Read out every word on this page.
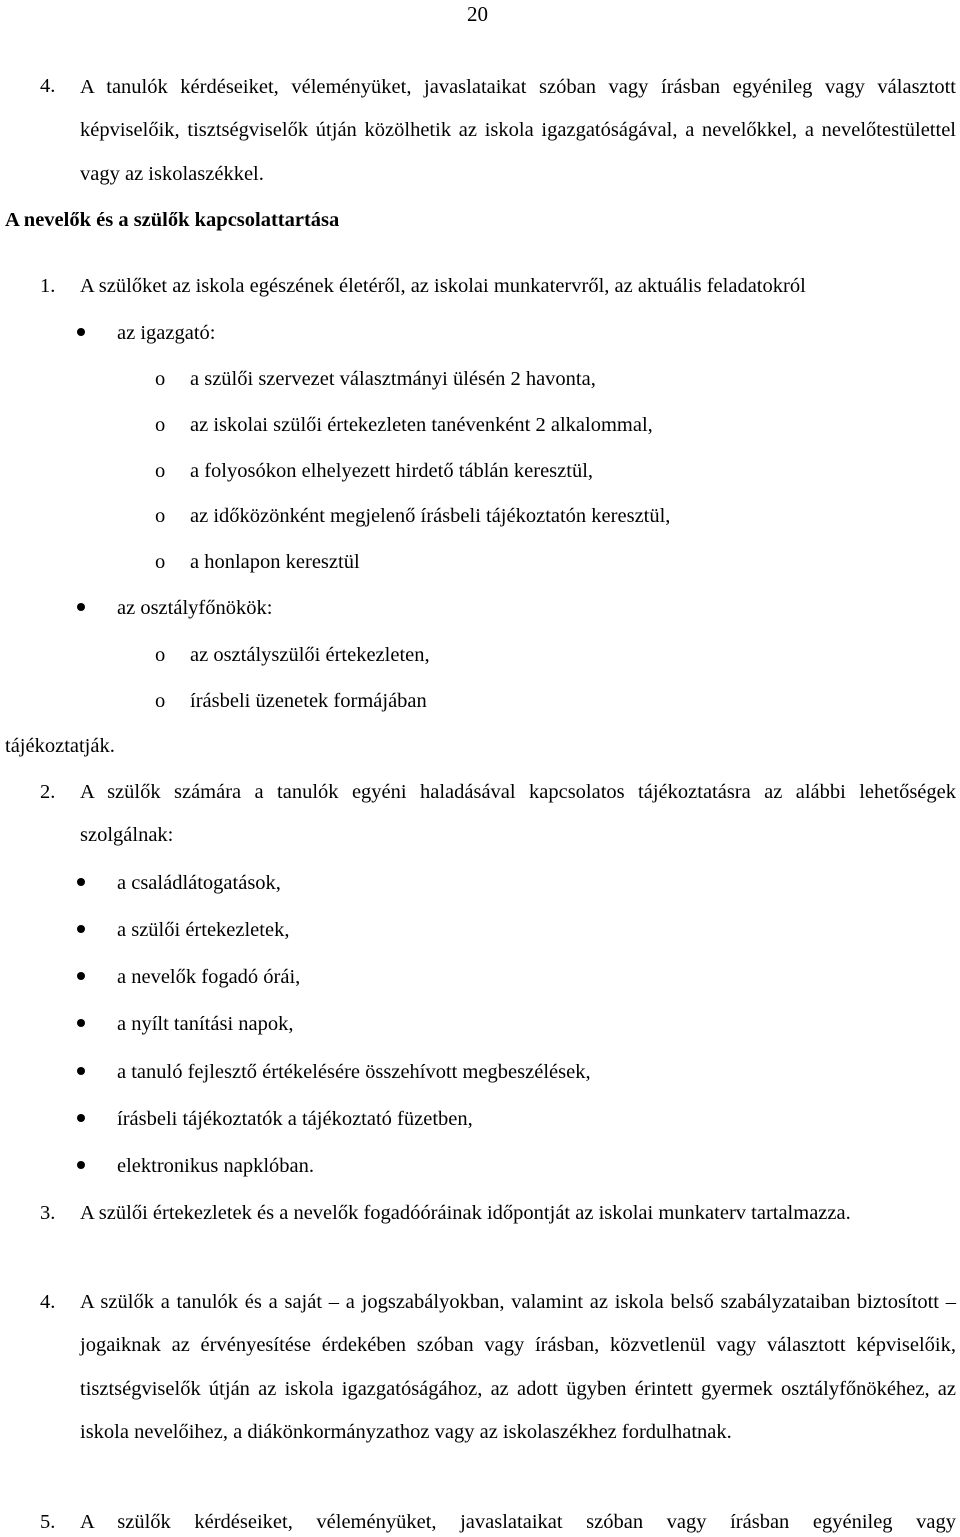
20
4. A tanulók kérdéseiket, véleményüket, javaslataikat szóban vagy írásban egyénileg vagy választott képviselőik, tisztségviselők útján közölhetik az iskola igazgatóságával, a nevelőkkel, a nevelőtestülettel vagy az iskolaszékkel.
A nevelők és a szülők kapcsolattartása
1. A szülőket az iskola egészének életéről, az iskolai munkatervről, az aktuális feladatokról
az igazgató:
o a szülői szervezet választmányi ülésén 2 havonta,
o az iskolai szülői értekezleten tanévenként 2 alkalommal,
o a folyosókon elhelyezett hirdető táblán keresztül,
o az időközönként megjelenő írásbeli tájékoztatón keresztül,
o a honlapon keresztül
az osztályfőnökök:
o az osztályszülői értekezleten,
o írásbeli üzenetek formájában
tájékoztatják.
2. A szülők számára a tanulók egyéni haladásával kapcsolatos tájékoztatásra az alábbi lehetőségek szolgálnak:
a családlátogatások,
a szülői értekezletek,
a nevelők fogadó órái,
a nyílt tanítási napok,
a tanuló fejlesztő értékelésére összehívott megbeszélések,
írásbeli tájékoztatók a tájékoztató füzetben,
elektronikus napklóban.
3. A szülői értekezletek és a nevelők fogadóóráinak időpontját az iskolai munkaterv tartalmazza.
4. A szülők a tanulók és a saját – a jogszabályokban, valamint az iskola belső szabályzataiban biztosított – jogaiknak az érvényesítése érdekében szóban vagy írásban, közvetlenül vagy választott képviselőik, tisztségviselők útján az iskola igazgatóságához, az adott ügyben érintett gyermek osztályfőnökéhez, az iskola nevelőihez, a diákönkormányzathoz vagy az iskolaszékhez fordulhatnak.
5. A szülők kérdéseiket, véleményüket, javaslataikat szóban vagy írásban egyénileg vagy
